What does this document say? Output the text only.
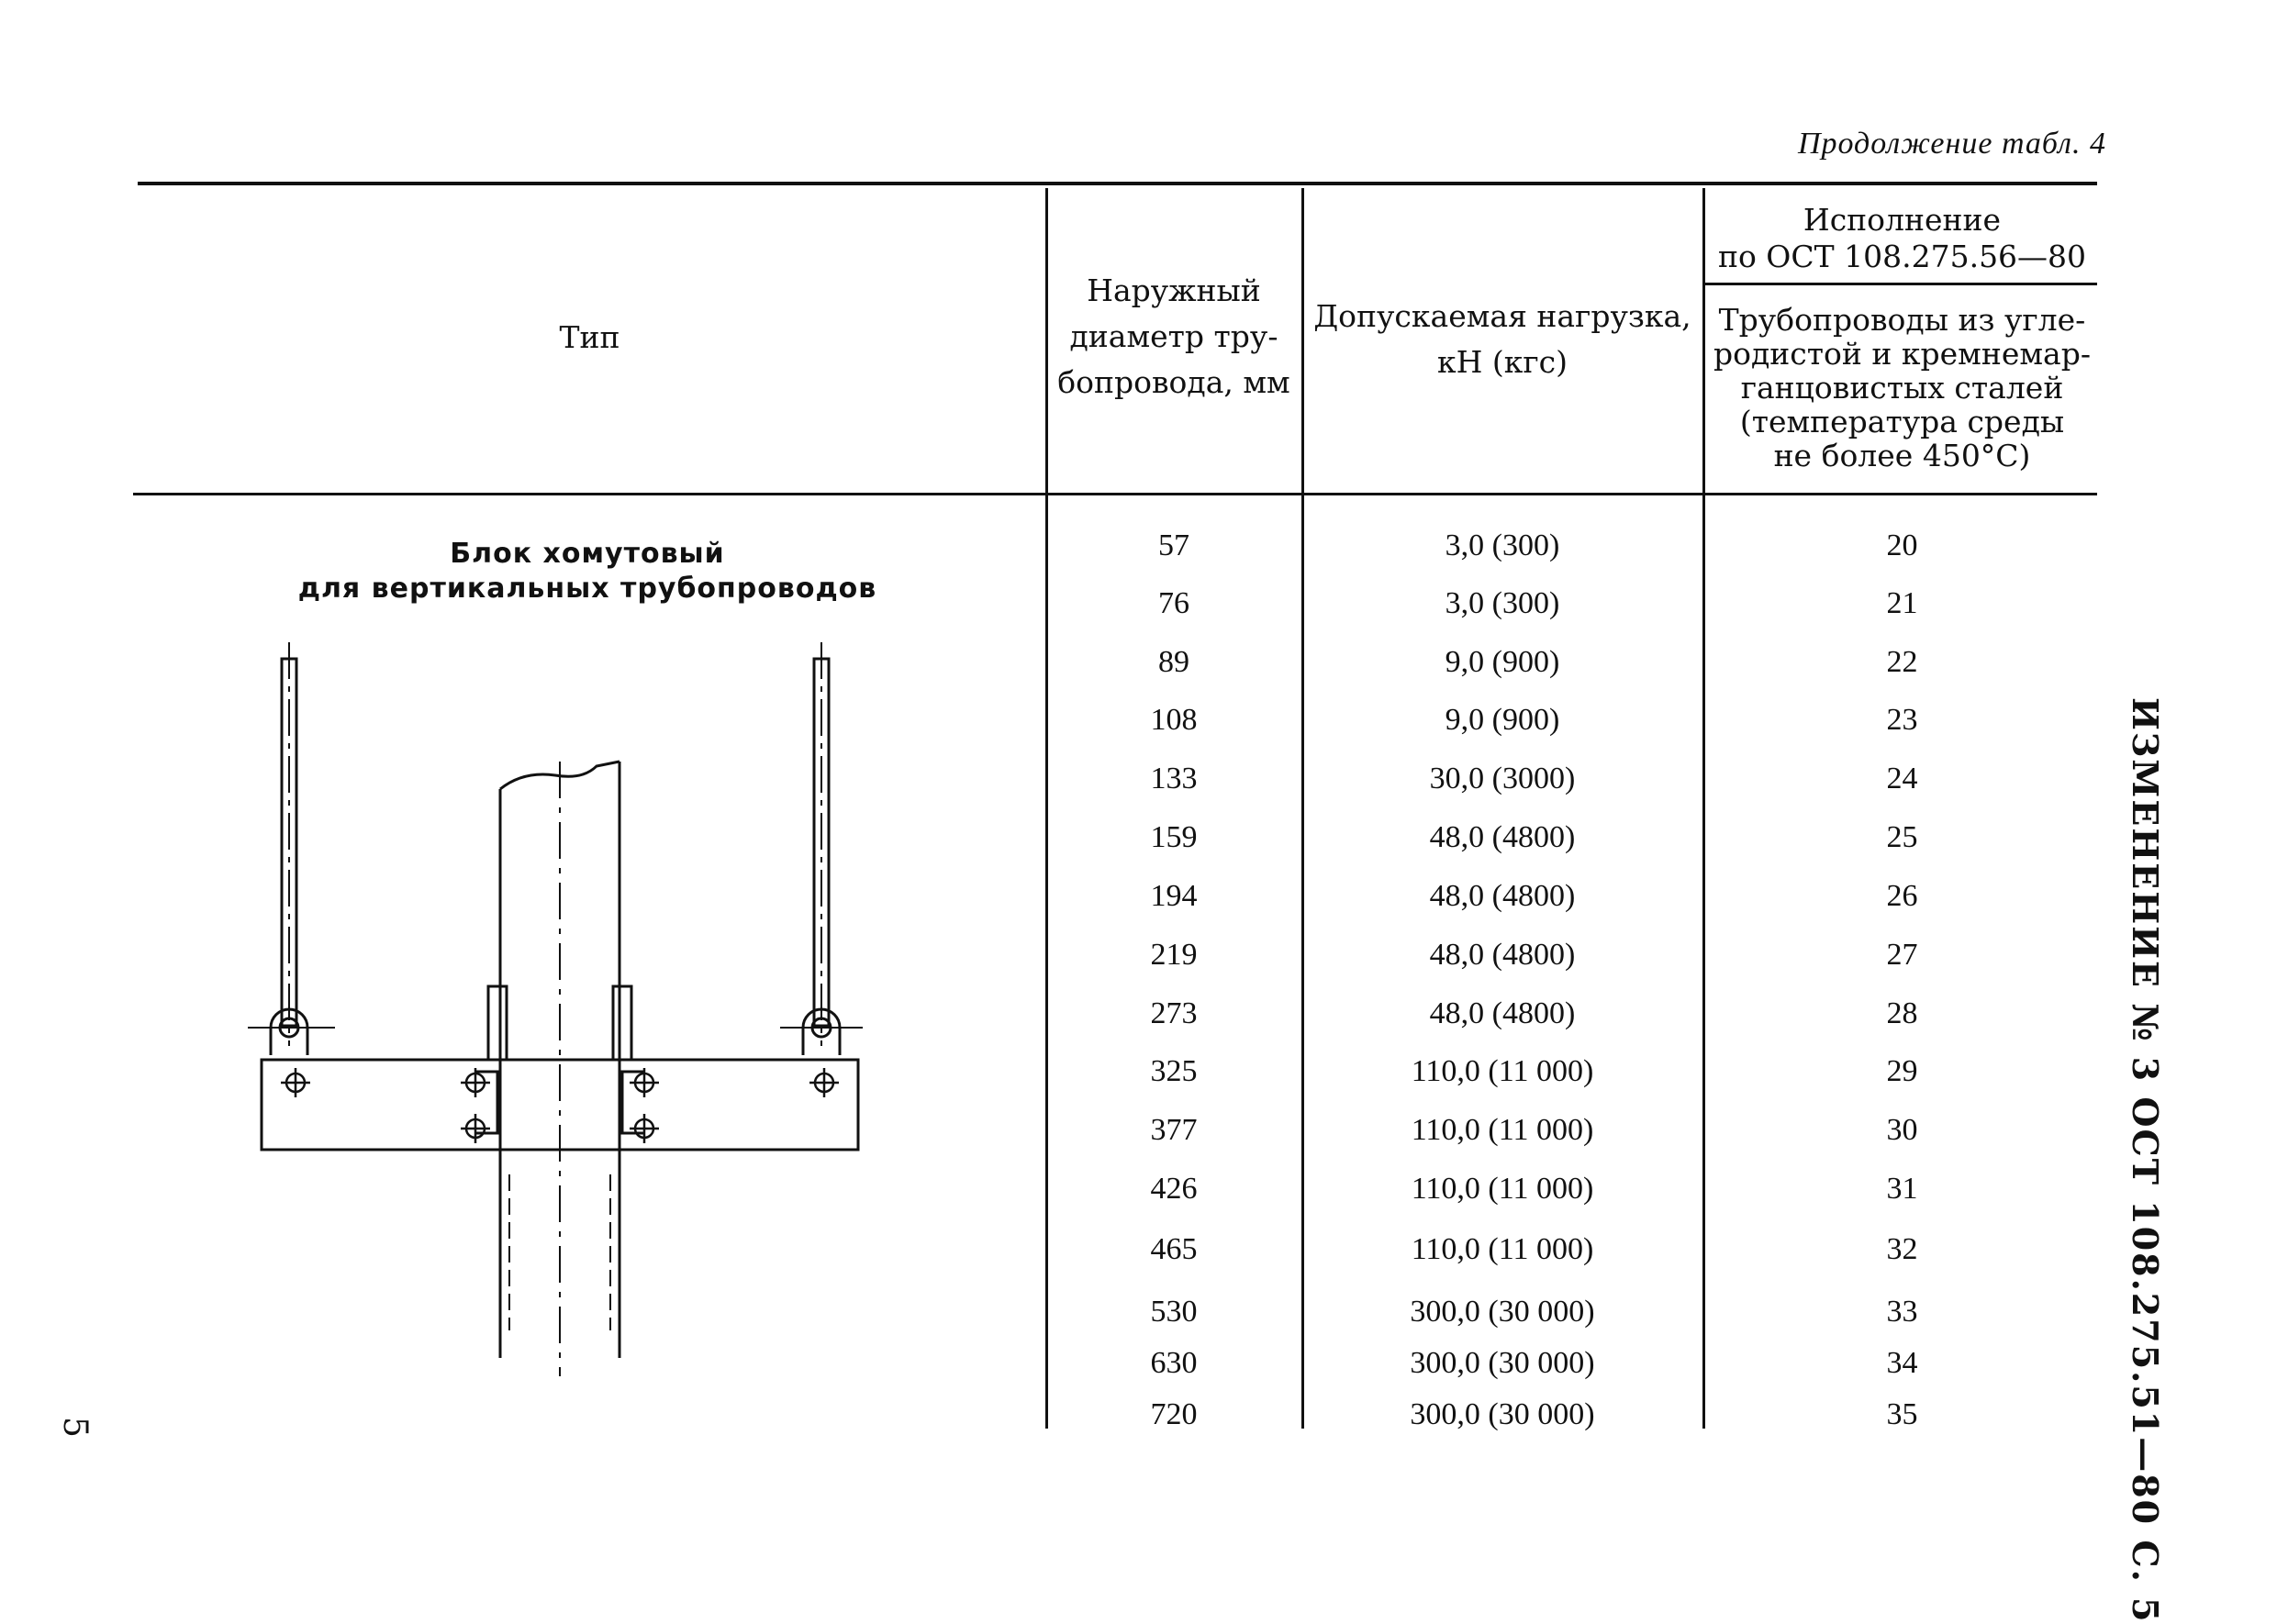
Продолжение табл. 4
Тип
Наружный
диаметр тру-
бопровода, мм
Допускаемая нагрузка,
кН (кгс)
Исполнение
по ОСТ 108.275.56—80
Трубопроводы из угле-
родистой и кремнемар-
ганцовистых сталей
(температура среды
не более 450°С)
Блок хомутовый
для вертикальных трубопроводов
57	3,0 (300)	20
76	3,0 (300)	21
89	9,0 (900)	22
108	9,0 (900)	23
133	30,0 (3000)	24
159	48,0 (4800)	25
194	48,0 (4800)	26
219	48,0 (4800)	27
273	48,0 (4800)	28
325	110,0 (11 000)	29
377	110,0 (11 000)	30
426	110,0 (11 000)	31
465	110,0 (11 000)	32
530	300,0 (30 000)	33
630	300,0 (30 000)	34
720	300,0 (30 000)	35	ИЗМЕНЕНИЕ № 3 ОСТ 108.275.51—80 С. 5
5
